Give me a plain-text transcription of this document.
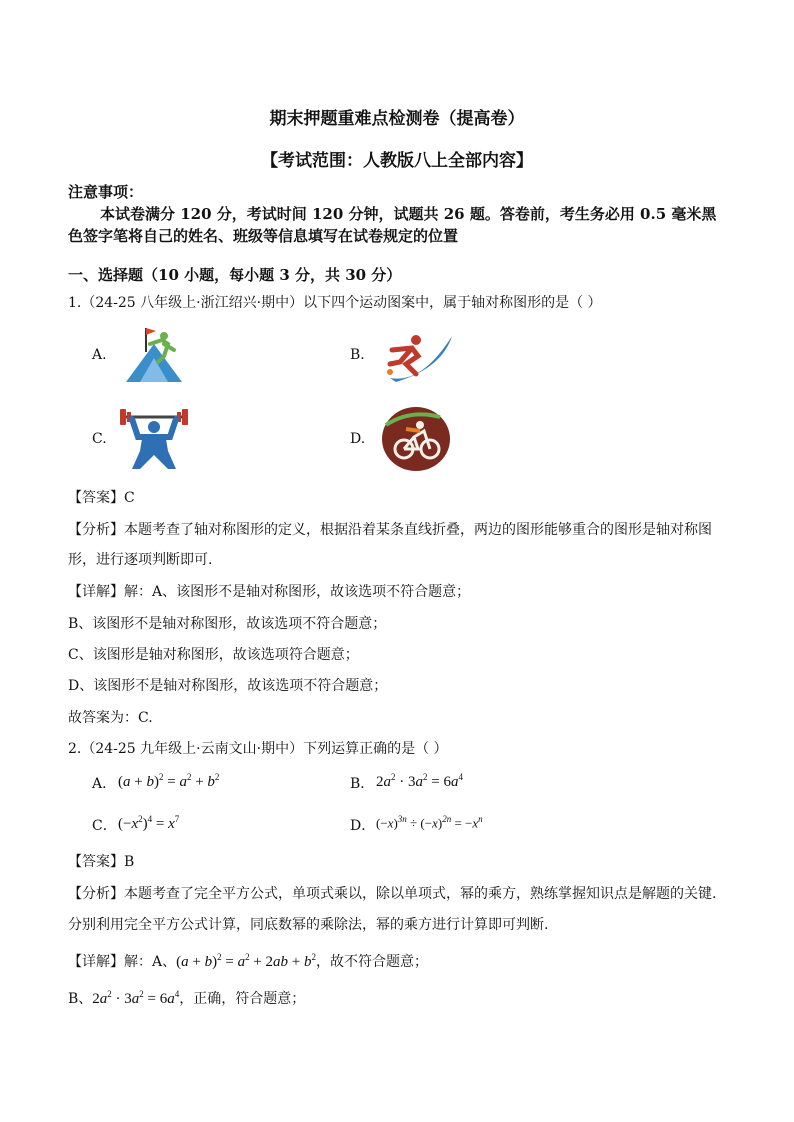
期末押题重难点检测卷（提高卷）
【考试范围：人教版八上全部内容】
注意事项：
本试卷满分 120 分，考试时间 120 分钟，试题共 26 题。答卷前，考生务必用 0.5 毫米黑
色签字笔将自己的姓名、班级等信息填写在试卷规定的位置
一、选择题（10 小题，每小题 3 分，共 30 分）
1.（24-25 八年级上·浙江绍兴·期中）以下四个运动图案中，属于轴对称图形的是（ ）
A.	B.
C.	D.
【答案】C
【分析】本题考查了轴对称图形的定义，根据沿着某条直线折叠，两边的图形能够重合的图形是轴对称图
形，进行逐项判断即可.
【详解】解：A、该图形不是轴对称图形，故该选项不符合题意；
B、该图形不是轴对称图形，故该选项不符合题意；
C、该图形是轴对称图形，故该选项符合题意；
D、该图形不是轴对称图形，故该选项不符合题意；
故答案为：C.
2.（24-25 九年级上·云南文山·期中）下列运算正确的是（ ）
A． $(a + b)^2 = a^2 + b^2$	B． $2a^2 \cdot 3a^2 = 6a^4$
C． $(-x^2)^4 = x^7$	D． $(-x)^{3n} \div (-x)^{2n} = -x^n$
【答案】B
【分析】本题考查了完全平方公式，单项式乘以，除以单项式，幂的乘方，熟练掌握知识点是解题的关键.
分别利用完全平方公式计算，同底数幂的乘除法，幂的乘方进行计算即可判断.
【详解】解：A、$(a + b)^2 = a^2 + 2ab + b^2$，故不符合题意；
B、$2a^2 \cdot 3a^2 = 6a^4$，正确，符合题意；
